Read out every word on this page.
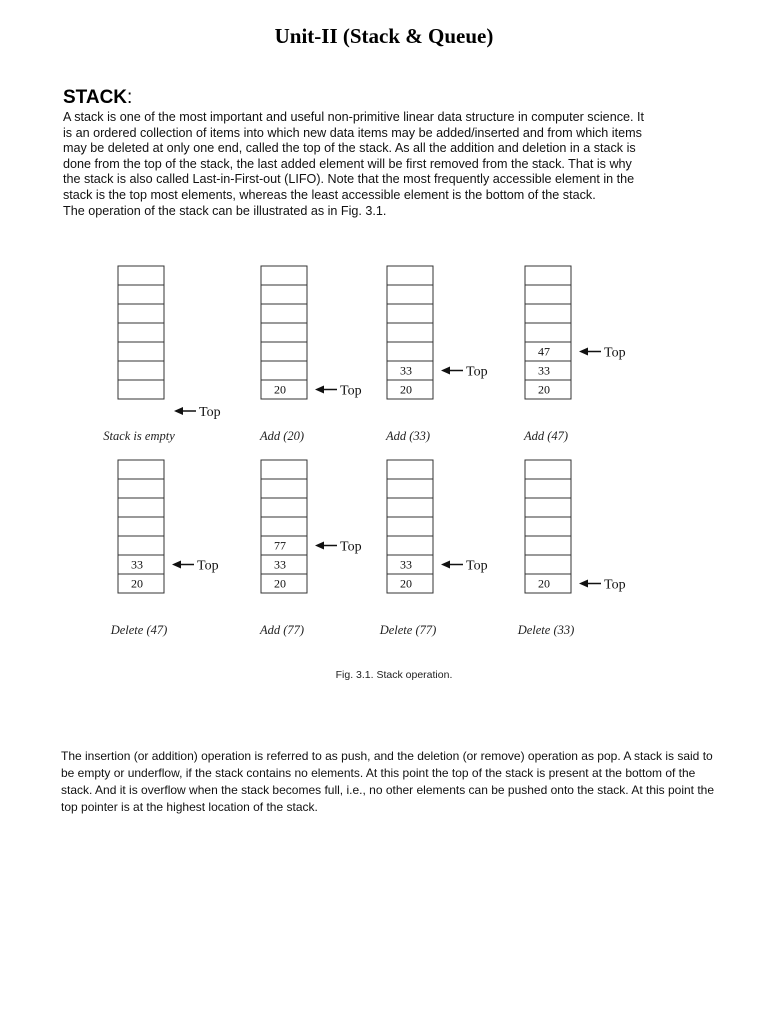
Unit-II (Stack & Queue)
STACK:

A stack is one of the most important and useful non-primitive linear data structure in computer science. It
is an ordered collection of items into which new data items may be added/inserted and from which items
may be deleted at only one end, called the top of the stack. As all the addition and deletion in a stack is
done from the top of the stack, the last added element will be first removed from the stack. That is why
the stack is also called Last-in-First-out (LIFO). Note that the most frequently accessible element in the
stack is the top most elements, whereas the least accessible element is the bottom of the stack.
The operation of the stack can be illustrated as in Fig. 3.1.

Top
Stack is empty
20	Top
Add (20)
20
33	Top
Add (33)
20
33
47	Top
Add (47)
20
33	Top
Delete (47)
20
33
77	Top
Add (77)
20
33	Top
Delete (77)
20	Top
Delete (33)
Fig. 3.1. Stack operation.

The insertion (or addition) operation is referred to as push, and the deletion (or remove) operation as pop. A stack is said to
be empty or underflow, if the stack contains no elements. At this point the top of the stack is present at the bottom of the
stack. And it is overflow when the stack becomes full, i.e., no other elements can be pushed onto the stack. At this point the
top pointer is at the highest location of the stack.
